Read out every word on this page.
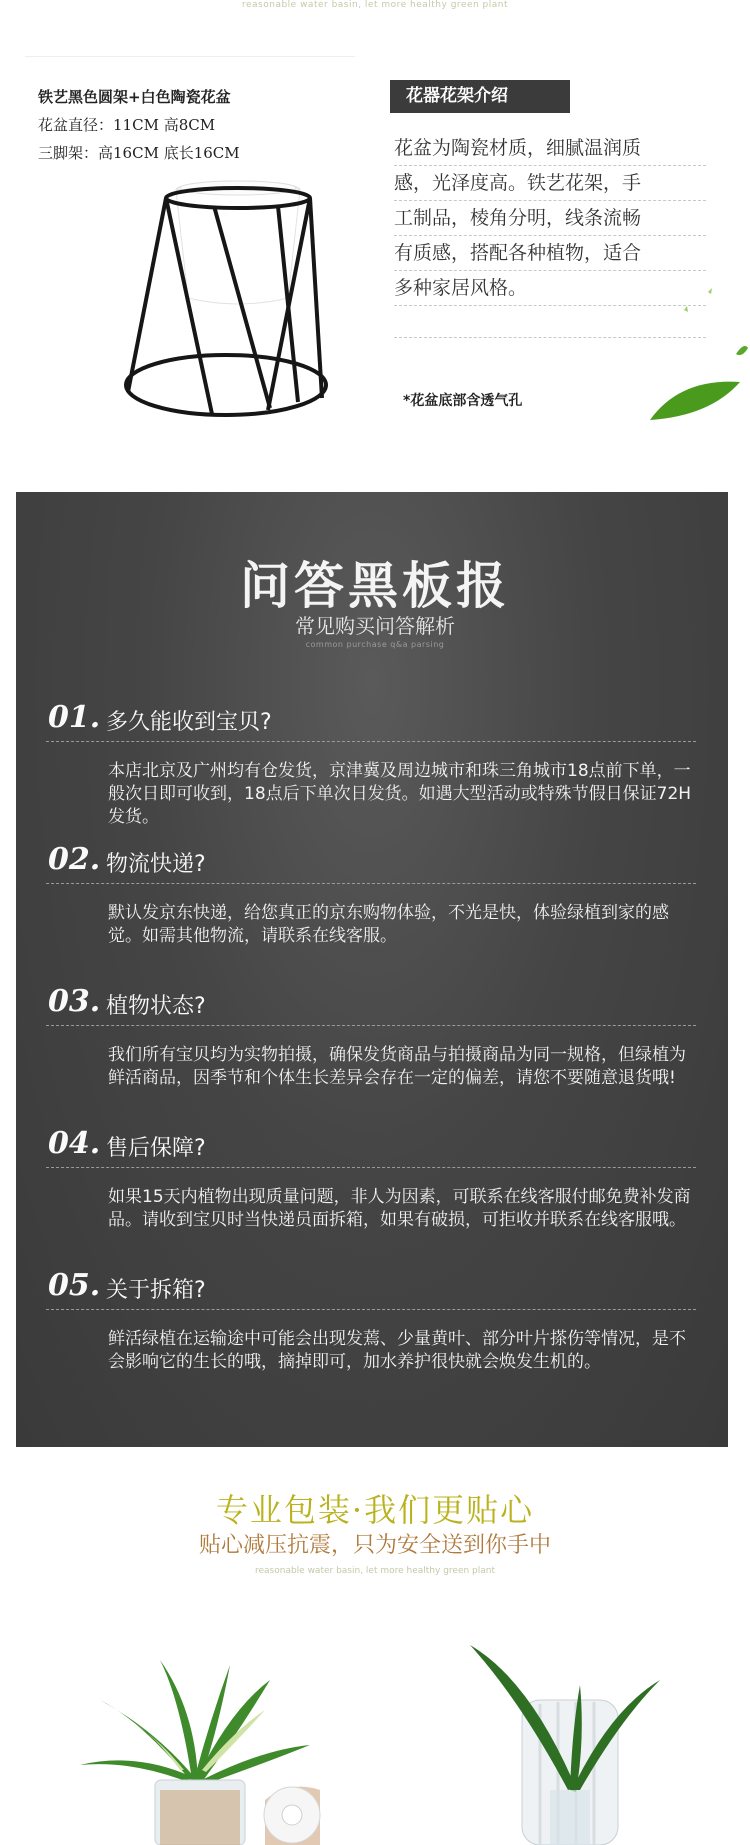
reasonable water basin, let more healthy green plant
铁艺黑色圆架+白色陶瓷花盆
花盆直径：11CM 高8CM
三脚架：高16CM 底长16CM
花器花架介绍
花盆为陶瓷材质，细腻温润质
感，光泽度高。铁艺花架，手
工制品，棱角分明，线条流畅
有质感，搭配各种植物，适合
多种家居风格。
*花盆底部含透气孔
问答黑板报
常见购买问答解析
common purchase q&a parsing
01. 多久能收到宝贝?
本店北京及广州均有仓发货，京津冀及周边城市和珠三角城市18点前下单，一般次日即可收到，18点后下单次日发货。如遇大型活动或特殊节假日保证72H发货。
02. 物流快递?
默认发京东快递，给您真正的京东购物体验，不光是快，体验绿植到家的感觉。如需其他物流，请联系在线客服。
03. 植物状态?
我们所有宝贝均为实物拍摄，确保发货商品与拍摄商品为同一规格，但绿植为鲜活商品，因季节和个体生长差异会存在一定的偏差，请您不要随意退货哦!
04. 售后保障?
如果15天内植物出现质量问题，非人为因素，可联系在线客服付邮免费补发商品。请收到宝贝时当快递员面拆箱，如果有破损，可拒收并联系在线客服哦。
05. 关于拆箱?
鲜活绿植在运输途中可能会出现发蔫、少量黄叶、部分叶片搽伤等情况，是不会影响它的生长的哦，摘掉即可，加水养护很快就会焕发生机的。
专业包装·我们更贴心
贴心减压抗震，只为安全送到你手中
reasonable water basin, let more healthy green plant
